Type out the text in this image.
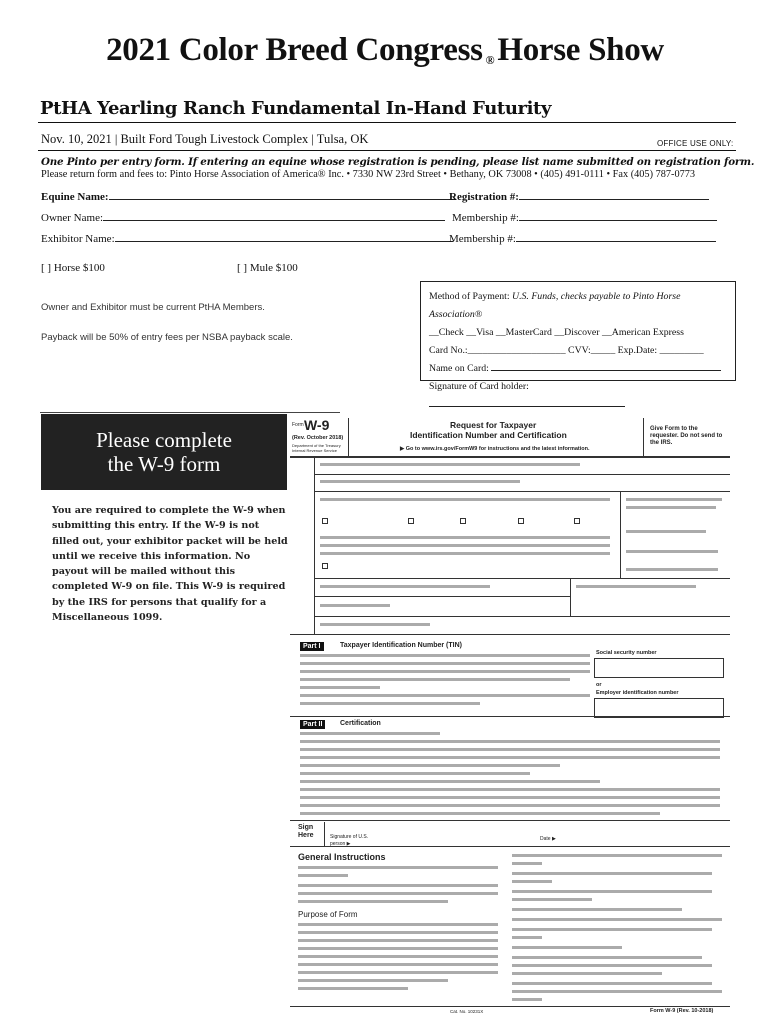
2021 Color Breed Congress ®Horse Show
PtHA Yearling Ranch Fundamental In-Hand Futurity
Nov. 10, 2021 | Built Ford Tough Livestock Complex | Tulsa, OK	OFFICE USE ONLY:
One Pinto per entry form. If entering an equine whose registration is pending, please list name submitted on registration form.
Please return form and fees to: Pinto Horse Association of America® Inc. • 7330 NW 23rd Street • Bethany, OK 73008 • (405) 491-0111 • Fax (405) 787-0773
Equine Name:	Registration #:
Owner Name:	Membership #:
Exhibitor Name:	Membership #:
[ ] Horse $100	[ ] Mule $100
Owner and Exhibitor must be current PtHA Members.
Payback will be 50% of entry fees per NSBA payback scale.
Method of Payment: U.S. Funds, checks payable to Pinto Horse Association®
__Check __Visa __MasterCard __Discover __American Express
Card No.:____________________ CVV:_____ Exp.Date: _________
Name on Card:
Signature of Card holder:
Please complete
the W-9 form
You are required to complete the W-9 when submitting this entry. If the W-9 is not filled out, your exhibitor packet will be held until we receive this information. No payout will be mailed without this completed W-9 on file. This W-9 is required by the IRS for persons that qualify for a Miscellaneous 1099.
Form W-9
(Rev. October 2018)
Department of the Treasury
Internal Revenue Service
Request for Taxpayer
Identification Number and Certification
▶ Go to www.irs.gov/FormW9 for instructions and the latest information.
Give Form to the requester. Do not send to the IRS.
Part I	Taxpayer Identification Number (TIN)
Social security number
or
Employer identification number
Part II	Certification
Sign Here	Signature of U.S. person ▶
Date ▶
General Instructions
Purpose of Form
Cat. No. 10231X	Form W-9 (Rev. 10-2018)
